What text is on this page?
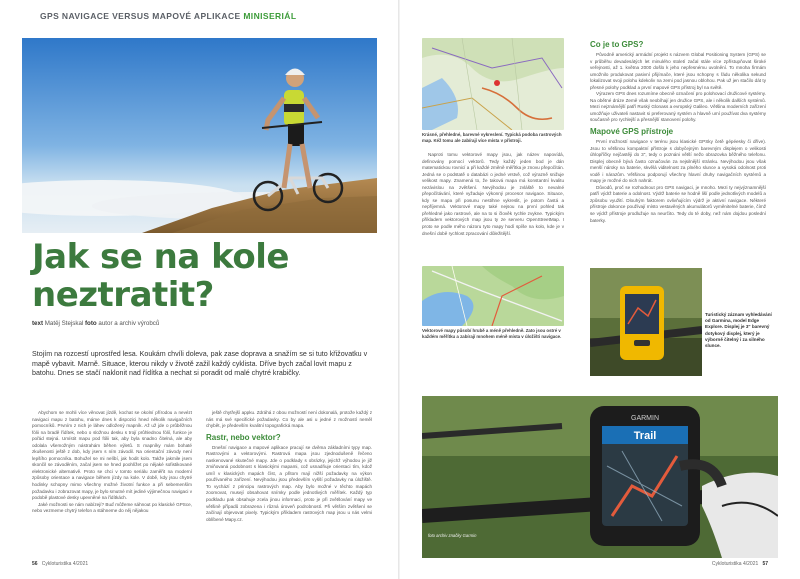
GPS NAVIGACE VERSUS MAPOVÉ APLIKACE MINISERIÁL
Jak se na kole
neztratit?
text Matěj Stejskal foto autor a archiv výrobců

Stojím na rozcestí uprostřed lesa. Koukám chvíli doleva, pak zase doprava a snažím se si tuto křižovatku v mapě vybavit. Marně. Situace, kterou nikdy v životě zažil každý cyklista. Dříve bych začal lovit mapu z batohu. Dnes se stačí naklonit nad řídítka a nechat si poradit od malé chytré krabičky.

Abychom se mohli více věnovat jízdě, kochat se okolní přírodou a nevézt navigaci mapu z batohu, máme dnes k dispozici hned několik navigačních pomocníků. Prvním z nich je láhev odložený mapník. Až už jde o průběžnou fólii na bradě řídítek, nebo o složnou desku s trojí průhlednou fólií, funkce je pořád stejná. Umístit mapu pod fólii tak, aby byla snadno čitelná, ale aby odolala všemožným nástrahám běhen výletů. S mapníky mám bohaté zkušenosti ještě z dob, kdy jsem s ním závodil. Na orientační závody není lepšího pomocníka. Bohužel se mi nelíbí, jak hodit kolo. Takže jakmile jsem skončil se závoděním, začal jsem se hned poohlížet po nějaké sofistikované elektronické alternativě. Proto se chci v tomto seriálu zaměřit na moderní způsoby orientace a navigace během jízdy na kole. V době, kdy jsou chytré hodinky schopny mimo všechny možné životní funkce a při sebemenším požadavku i zobrazovat mapy, je bylo smutné mít jediné výjimečnou navigaci v podobě plastové desky upevněné na řídítkách.

Jaké možnosti se nám nabízejí? Buď můžeme sáhnout po klasické GPSce, nebo vezmeme chytrý telefon a stáhneme do něj nějakou

ještě chytřejší appku. Zdráhá z obou možností není dokonalá, protože každý z nás má své specifické požadavky. Co by ale asi u jedné z možností neměl chybět, je především kvalitní topografická mapa.

Rastr, nebo vektor?

Dnešní navigace a mapové aplikace pracují se dvěma základními typy map. Rastrovými a vektorovými. Rastrová mapa jsou zjednodušeně řečeno naskenované skutečné mapy. Jde o podklady s obrázky, jejichž výhodou je již zmiňovaná podobnost s klasickými mapami, což usnadňuje orientaci tím, kdož umíl v klasických mapách číst, a přitom mají nižší požadavky na výkon používaného zařízení. Nevýhodou jsou především vyšší požadavky na úložiště. To vychází z principu rastrových map. Aby bylo možné v těchto mapách zoomovat, musejí obsahovat snímky podle jednotlivých měřítek. Každý typ podkladu pak obsahuje zcela jinou informaci, proto je při zvětšování mapy ve většině případů zobrazena i různá úroveň podrobností. Při větším zvětšení se začínají objevovat pixely. Typickým příkladem rastrových map jsou u nás velmi oblíbené Mapy.cz.

56 Cykloturistika 4/2021
Krásné, přehledné, barevné vykreslení. Typická podoba rastrových map. Kéž tomu ale zabírají více místa v přístroji.

Naproti tomu vektorové mapy jsou, jak název napovídá, definovány pomocí vektorů. Tedy každý jeden bod je dán matematickou rovnicí a při každé změně měřítka je znovu přepočítán. Jedná se o podstatě o databázi o jedné vrstvě, což výrazně snižuje velikost mapy. Znamená to, že taková mapa má konstantní kvalitu nezávislou na zvětšení. Nevýhodou je zvláště to nevalné přepočítávání, které vyžaduje výkonný procesor navigace. Situace, kdy se mapa při posunu nestihne vykreslit, je potom častá a nepříjemná. Vektorové mapy také nejsou na první pohled tak přehledné jako rastrové, ale na to si člověk rychle zvykne. Typickým příkladem vektorových map jsou ty ze serveru OpenStreetMap. I proto se podle mého názoru tyto mapy hodí spíše na kolo, kde je v dnešní době rychlost zpracování důležitější.

Vektorové mapy působí hrubě a méně přehledně. Zato jsou ostré v každém měřítku a zabírají mnohem méně místa v úložišti navigace.
Co je to GPS?

Původně americký armádní projekt s názvem Global Positioning System (GPS) se v průběhu devadesátých let minulého století začal stále více zpřístupňovat široké veřejnosti, až 1. května 2000 došlo k jeho nepřesnému uvolnění. To mnoha firmám umožnilo produkovat pasivní přijímače, které jsou schopny s řádu několika sekund lokalizovat svoji polohu kdekoliv na zemi pod jasnou oblohou. Pak už jen stačilo dát ty přesné polohy podklad a první mapové GPS přístroj byl na světě.

Výrazem GPS dnes rozumíme obecně označení pro polohovací družicové systémy. Na obětné dráze Země však neobíhají jen družice GPS, ale i několik dalších systémů. Mezi nejznámější patří Ruský Glonass a evropský Galileo. Většina moderních zařízení umožňuje uživateli nastavit si preferovaný systém a hlavně umí používat dva systémy současně pro rychlejší a přesnější stanovení polohy.

Mapové GPS přístroje

První možností navigace v terénu jsou klasické GPSky četě gépéesky či dříve). Jsou to většinou kompaktní přístroje s dobyčejným barevným displejem o velikosti úhlopříčky nejčastěji do 3", tedy o poznáni větší nežo obrazovka běžného telefonu. Displej obecně bývá často označován za nejsilnější stránku. Nevýhodou jsou však menší nároky na baterie, skvělá viditelnost za plného slunce a vysoká odolnost proti vodě i nárazům. Většinou podporují všechny hlavní druhy navigačních systémů a mapy je možné do nich nahrát.

Důvodů, proč se rozhodnout pro GPS navigaci, je mnoho. Mezi ty nejvýznamnější patří výdrž baterie a odolnost. Výdrž baterie se hodně liší podle jednotlivých modelů a způsobu využití. Dlouhým faktorem ovlivňujícím výdrž je aktivní navigace. Některé přístroje dokonce používají místo vestavěných akumulátorů vyměnitelné baterie, čímž se výdrž přístroje prodlužuje na neurčito. Tedy do té doby, než nám dojdou poslední baterky.

Turistický záznam vyhledávání od Garmina, model Edge Explore. Displej je 3" barevný dotykový displej, který je výborně čitelný i za silného slunce.
GARMIN
Trail
foto archiv značky Garmin
Cykloturistika 4/2021 57
